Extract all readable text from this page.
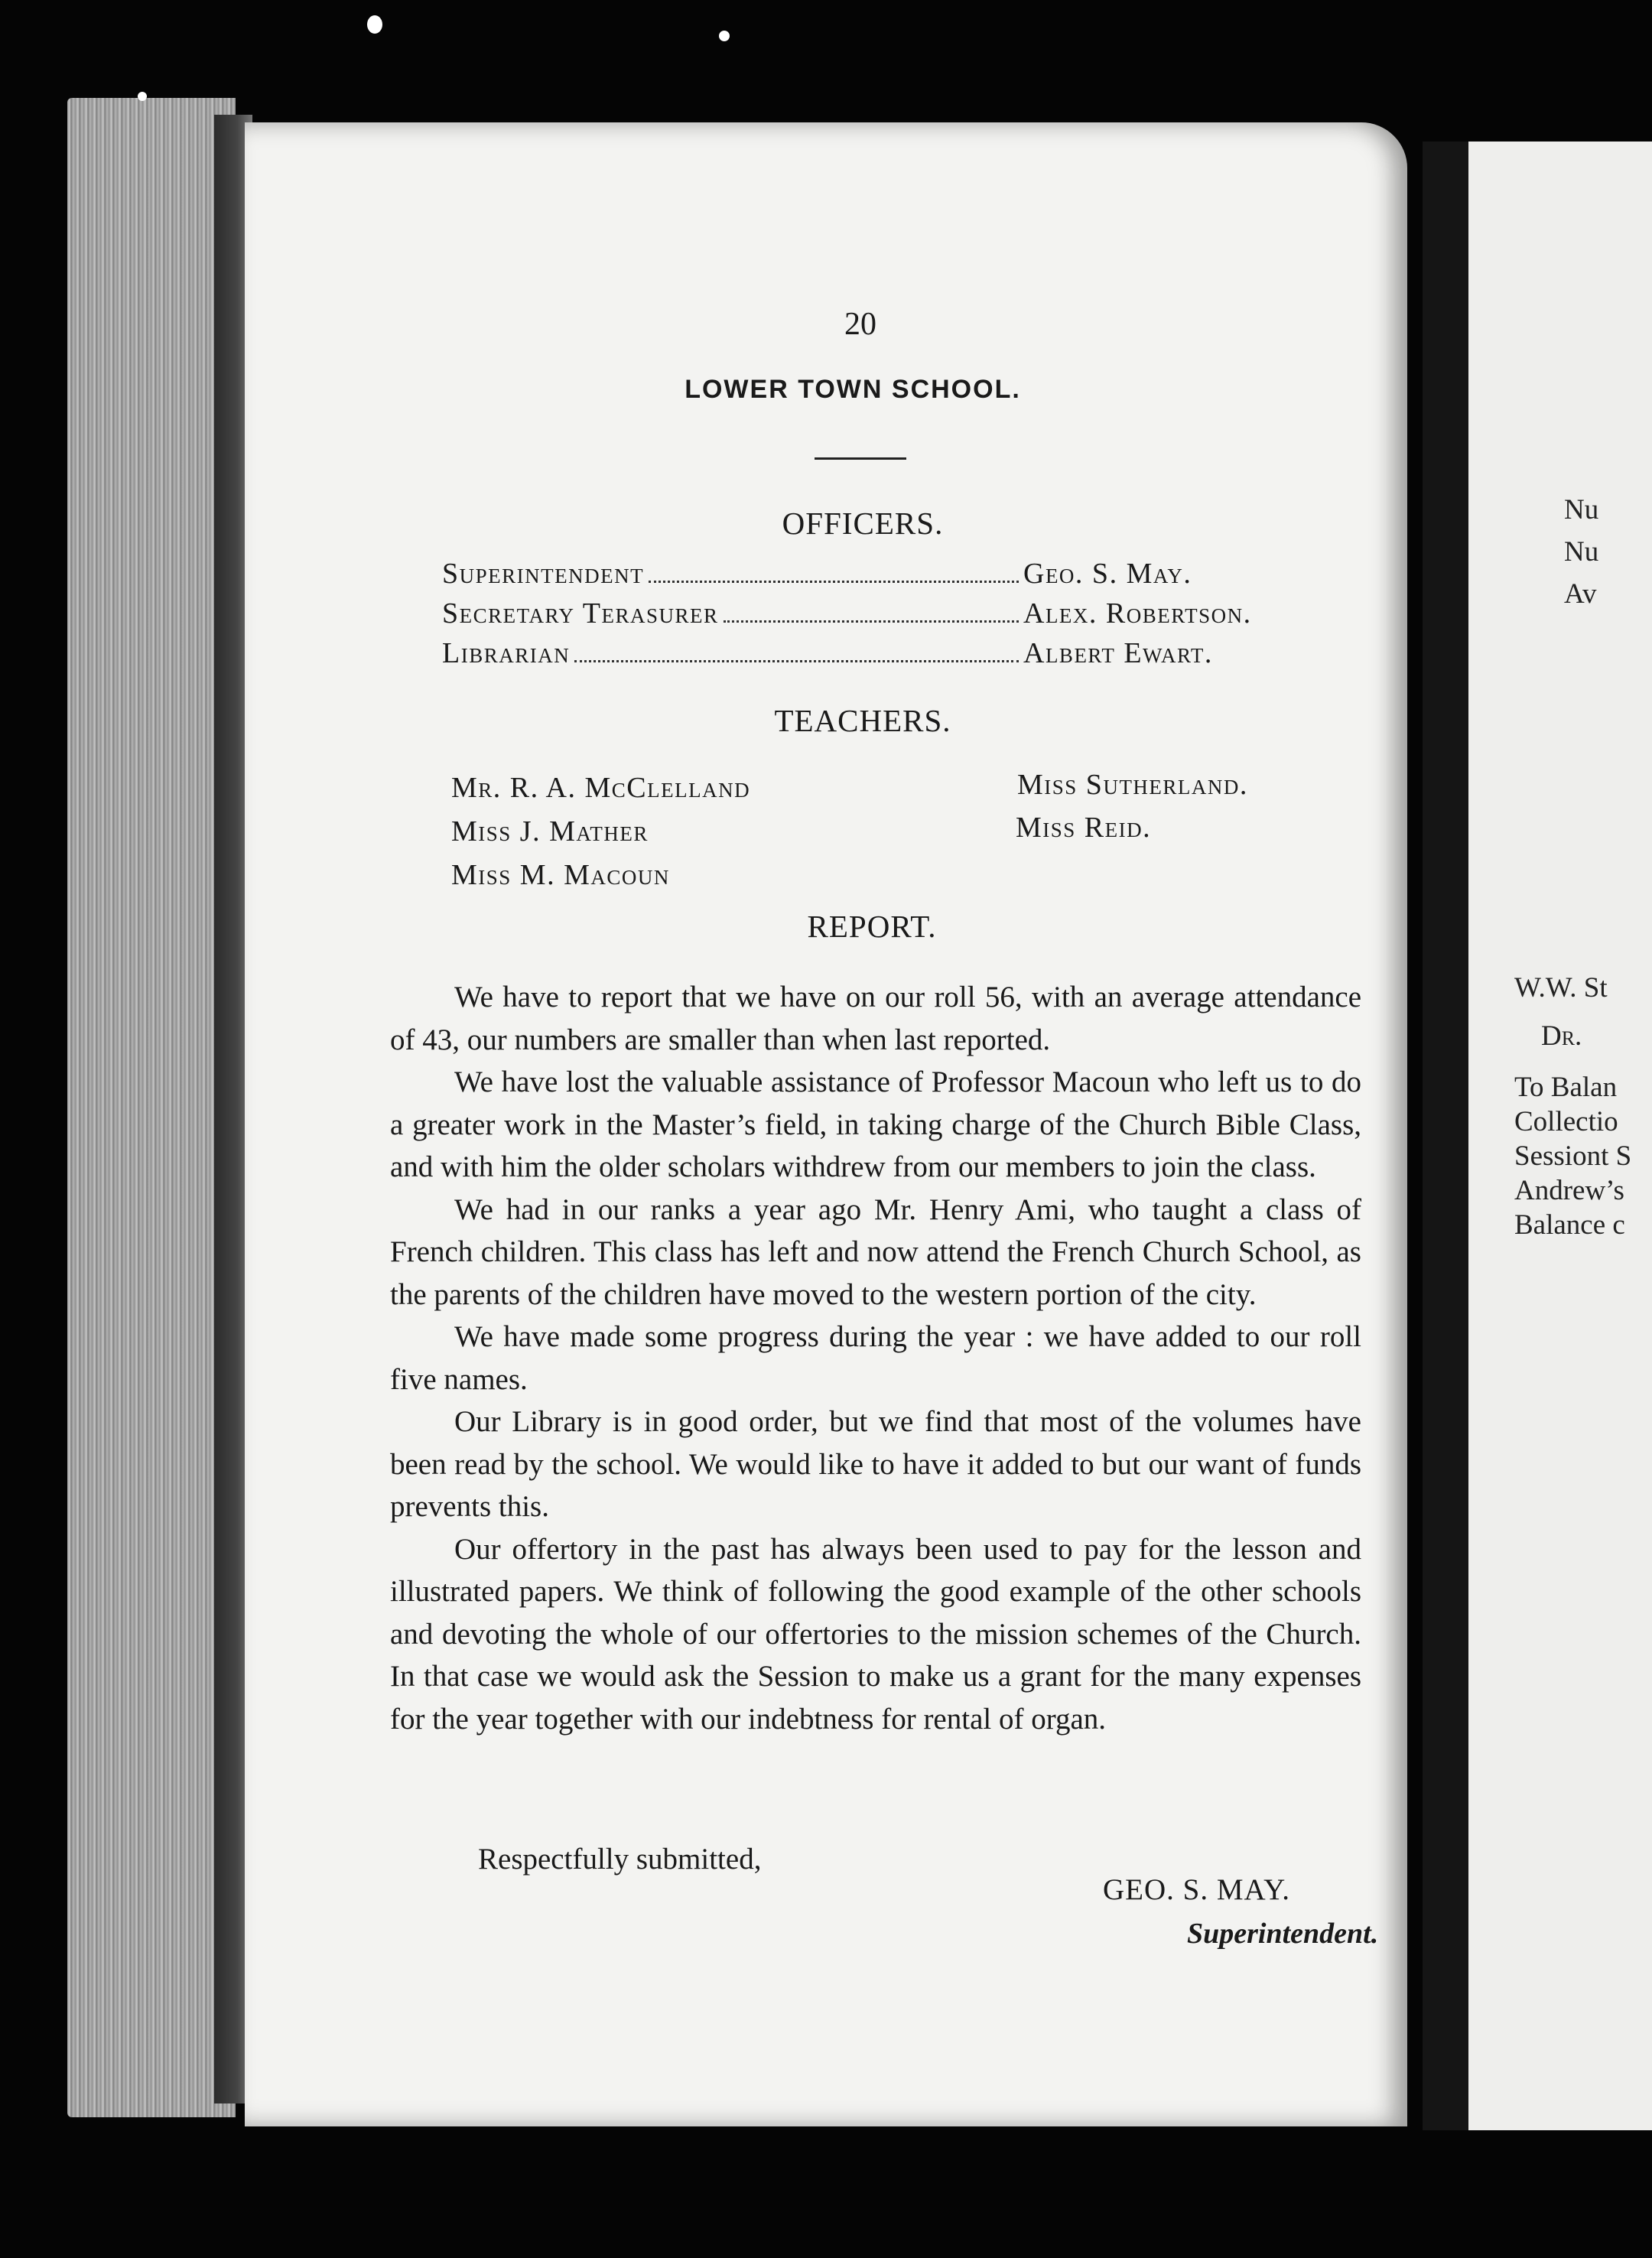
Nu
Nu
Av
W.W. St
Dr.
To Balan
Collectio
Sessiont S
Andrew’s
Balance c
20
LOWER TOWN SCHOOL.
OFFICERS.
Superintendent	Geo. S. May.
Secretary Terasurer	Alex. Robertson.
Librarian	Albert Ewart.
TEACHERS.
Mr. R. A. McClelland
Miss J. Mather
Miss M. Macoun
Miss Sutherland.
Miss Reid.
REPORT.

We have to report that we have on our roll 56, with an average attendance of 43, our numbers are smaller than when last reported.

We have lost the valuable assistance of Professor Macoun who left us to do a greater work in the Master’s field, in taking charge of the Church Bible Class, and with him the older scholars withdrew from our members to join the class.

We had in our ranks a year ago Mr. Henry Ami, who taught a class of French children. This class has left and now attend the French Church School, as the parents of the children have moved to the western portion of the city.

We have made some progress during the year : we have added to our roll five names.

Our Library is in good order, but we find that most of the volumes have been read by the school. We would like to have it added to but our want of funds prevents this.

Our offertory in the past has always been used to pay for the lesson and illustrated papers. We think of following the good example of the other schools and devoting the whole of our offertories to the mission schemes of the Church. In that case we would ask the Session to make us a grant for the many expenses for the year together with our indebtness for rental of organ.

Respectfully submitted,
GEO. S. MAY.
Superintendent.
